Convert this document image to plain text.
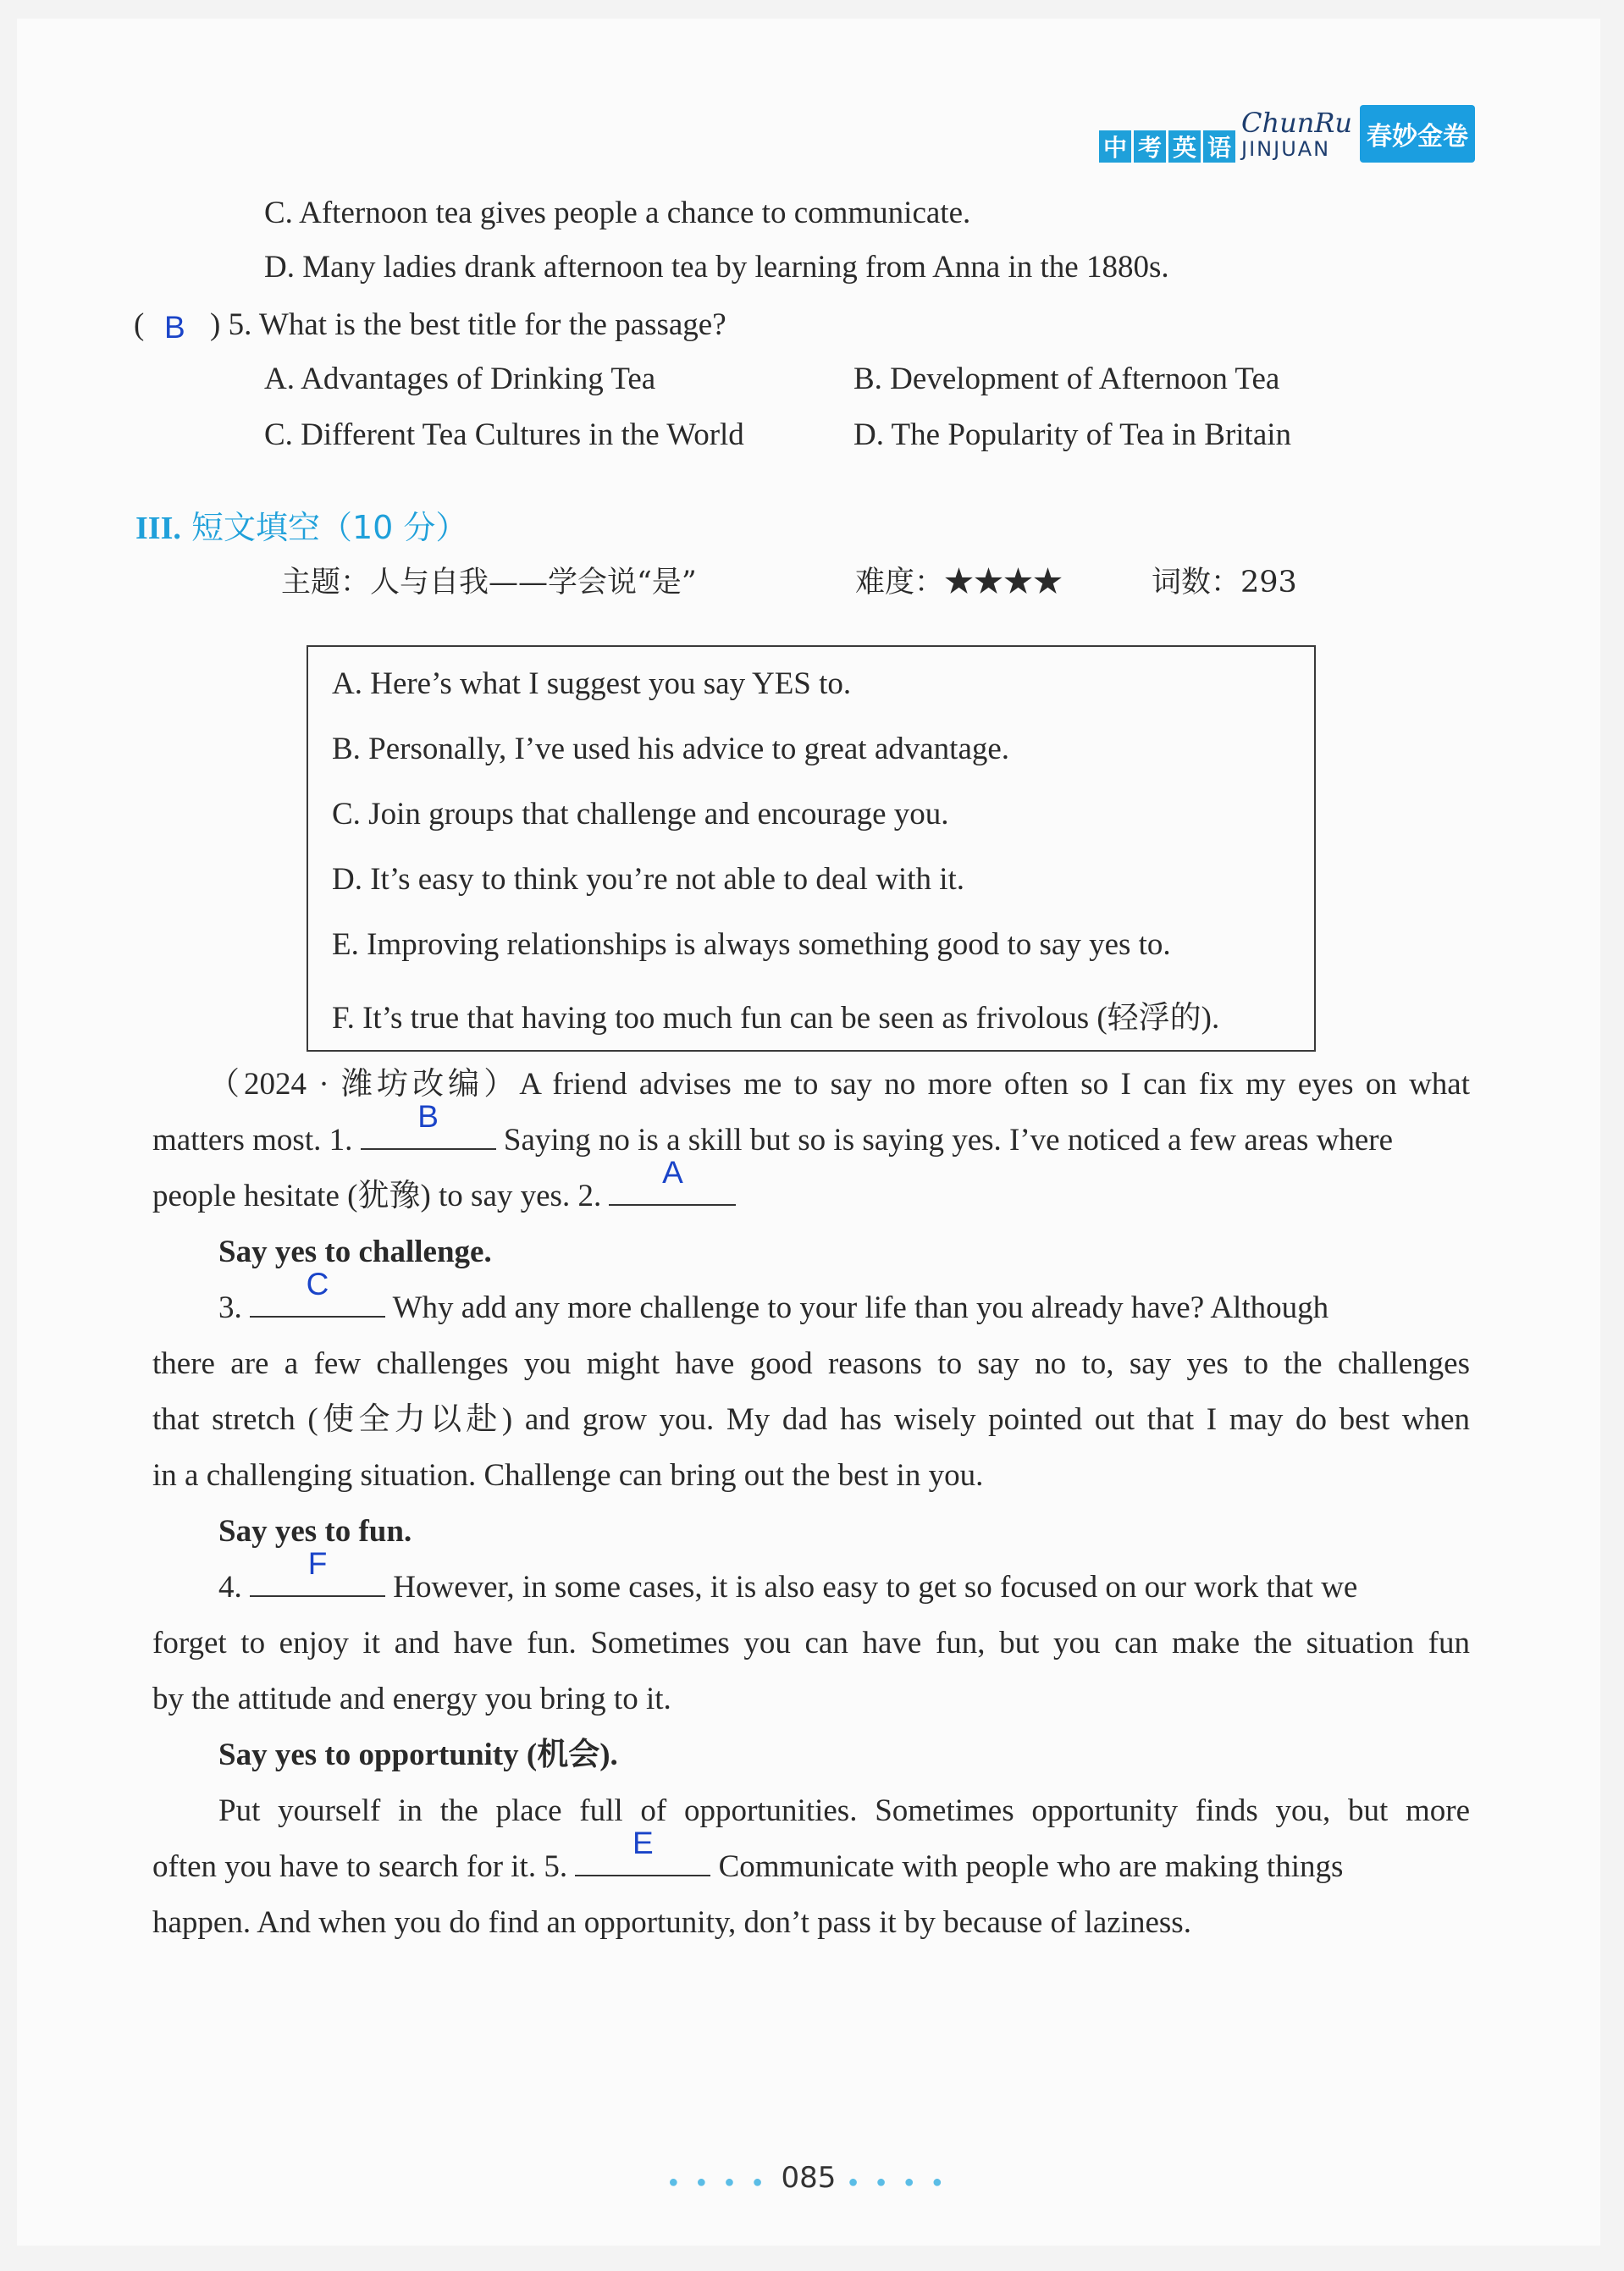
中 考 英 语
ChunRu
JINJUAN 春妙金卷
C. Afternoon tea gives people a chance to communicate.
D. Many ladies drank afternoon tea by learning from Anna in the 1880s.
( B ) 5. What is the best title for the passage?
A. Advantages of Drinking Tea	B. Development of Afternoon Tea
C. Different Tea Cultures in the World	D. The Popularity of Tea in Britain
III. 短文填空（10 分）
主题：人与自我——学会说“是”	难度：★★★★	词数：293
A. Here’s what I suggest you say YES to.
B. Personally, I’ve used his advice to great advantage.
C. Join groups that challenge and encourage you.
D. It’s easy to think you’re not able to deal with it.
E. Improving relationships is always something good to say yes to.
F. It’s true that having too much fun can be seen as frivolous (轻浮的).
（2024 · 潍坊改编）A friend advises me to say no more often so I can fix my eyes on what
matters most. 1.
B
Saying no is a skill but so is saying yes. I’ve noticed a few areas where
people hesitate (犹豫) to say yes. 2.
A
Say yes to challenge.
3.
C
Why add any more challenge to your life than you already have? Although
there are a few challenges you might have good reasons to say no to, say yes to the challenges
that stretch (使全力以赴) and grow you. My dad has wisely pointed out that I may do best when
in a challenging situation. Challenge can bring out the best in you.
Say yes to fun.
4.
F
However, in some cases, it is also easy to get so focused on our work that we
forget to enjoy it and have fun. Sometimes you can have fun, but you can make the situation fun
by the attitude and energy you bring to it.
Say yes to opportunity (机会).
Put yourself in the place full of opportunities. Sometimes opportunity finds you, but more
often you have to search for it. 5.
E
Communicate with people who are making things
happen. And when you do find an opportunity, don’t pass it by because of laziness.
● ● ● ● 085 ● ● ● ●
